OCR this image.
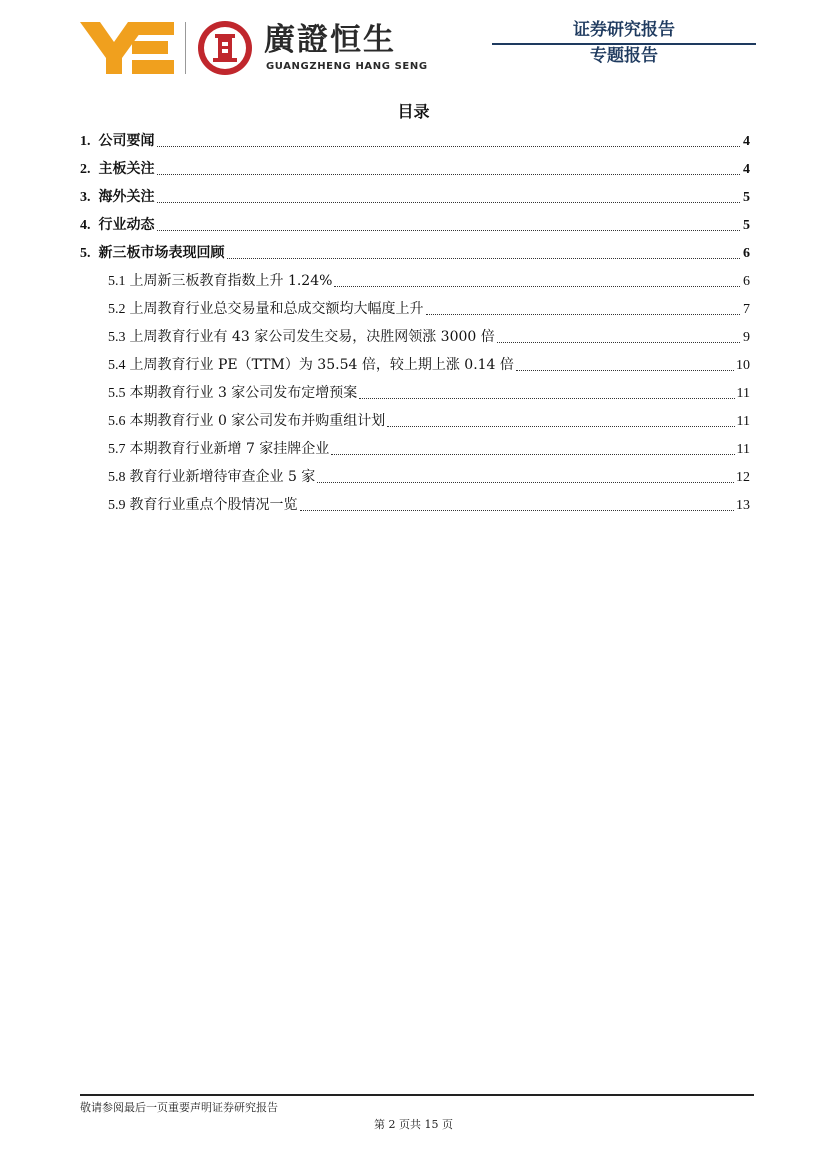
廣證恒生
GUANGZHENG HANG SENG
证券研究报告
专题报告
目录
1. 公司要闻	4
2. 主板关注	4
3. 海外关注	5
4. 行业动态	5
5. 新三板市场表现回顾	6
5.1 上周新三板教育指数上升 1.24%	6
5.2 上周教育行业总交易量和总成交额均大幅度上升	7
5.3 上周教育行业有 43 家公司发生交易，决胜网领涨 3000 倍	9
5.4 上周教育行业 PE（TTM）为 35.54 倍，较上期上涨 0.14 倍	10
5.5 本期教育行业 3 家公司发布定增预案	11
5.6 本期教育行业 0 家公司发布并购重组计划	11
5.7 本期教育行业新增 7 家挂牌企业	11
5.8 教育行业新增待审查企业 5 家	12
5.9 教育行业重点个股情况一览	13
敬请参阅最后一页重要声明证券研究报告
第 2 页共 15 页
